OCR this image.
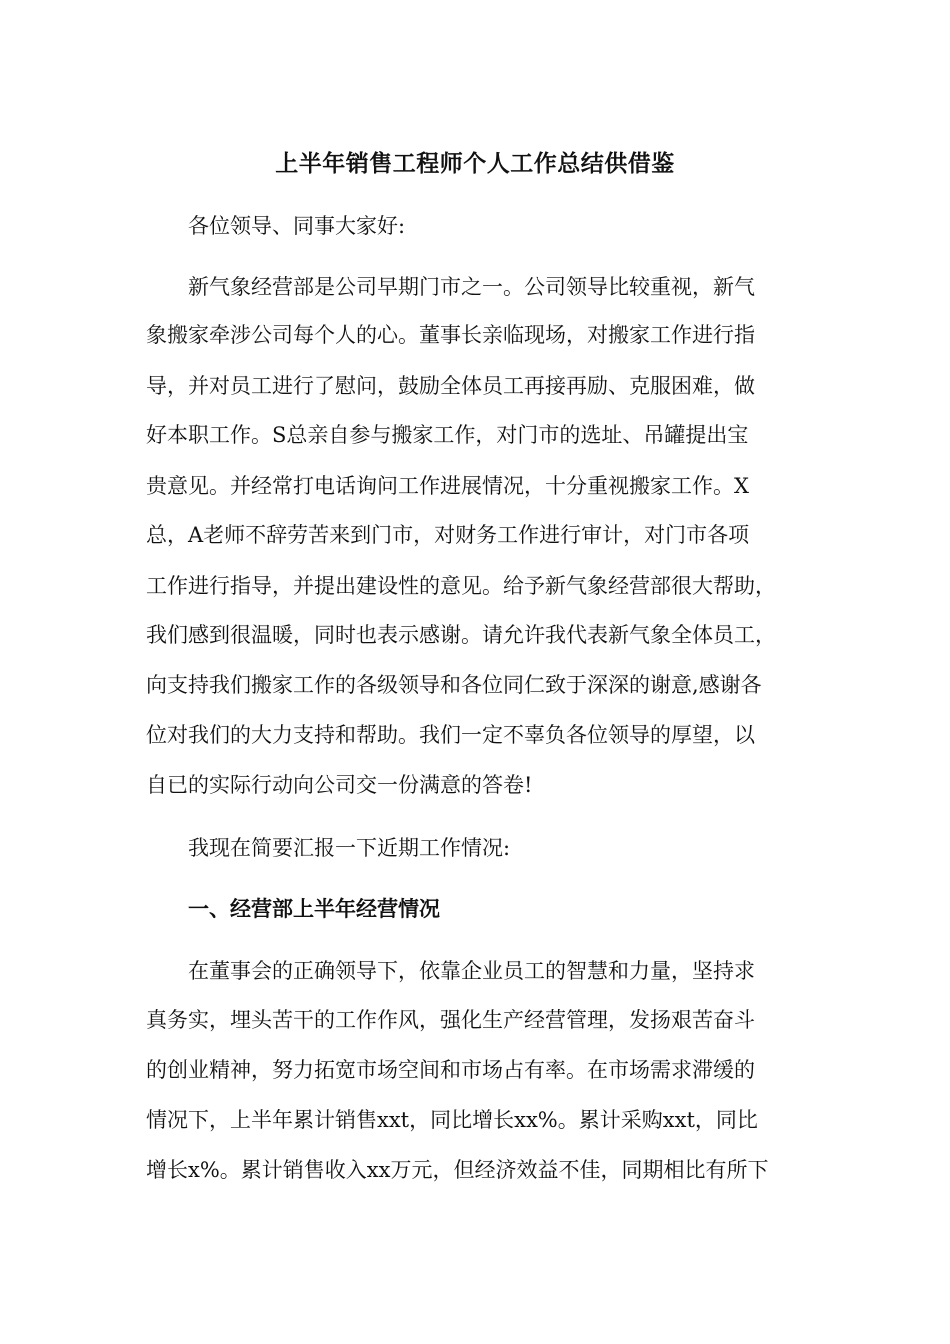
上半年销售工程师个人工作总结供借鉴
各位领导、同事大家好:
新气象经营部是公司早期门市之一。公司领导比较重视，新气
象搬家牵涉公司每个人的心。董事长亲临现场，对搬家工作进行指
导，并对员工进行了慰问，鼓励全体员工再接再励、克服困难，做
好本职工作。S总亲自参与搬家工作，对门市的选址、吊罐提出宝
贵意见。并经常打电话询问工作进展情况，十分重视搬家工作。X
总，A老师不辞劳苦来到门市，对财务工作进行审计，对门市各项
工作进行指导，并提出建设性的意见。给予新气象经营部很大帮助，
我们感到很温暖，同时也表示感谢。请允许我代表新气象全体员工，
向支持我们搬家工作的各级领导和各位同仁致于深深的谢意,感谢各
位对我们的大力支持和帮助。我们一定不辜负各位领导的厚望，以
自已的实际行动向公司交一份满意的答卷!
我现在简要汇报一下近期工作情况:
一、经营部上半年经营情况
在董事会的正确领导下，依靠企业员工的智慧和力量，坚持求
真务实，埋头苦干的工作作风，强化生产经营管理，发扬艰苦奋斗
的创业精神，努力拓宽市场空间和市场占有率。在市场需求滞缓的
情况下，上半年累计销售xxt，同比增长xx%。累计采购xxt，同比
增长x%。累计销售收入xx万元，但经济效益不佳，同期相比有所下
